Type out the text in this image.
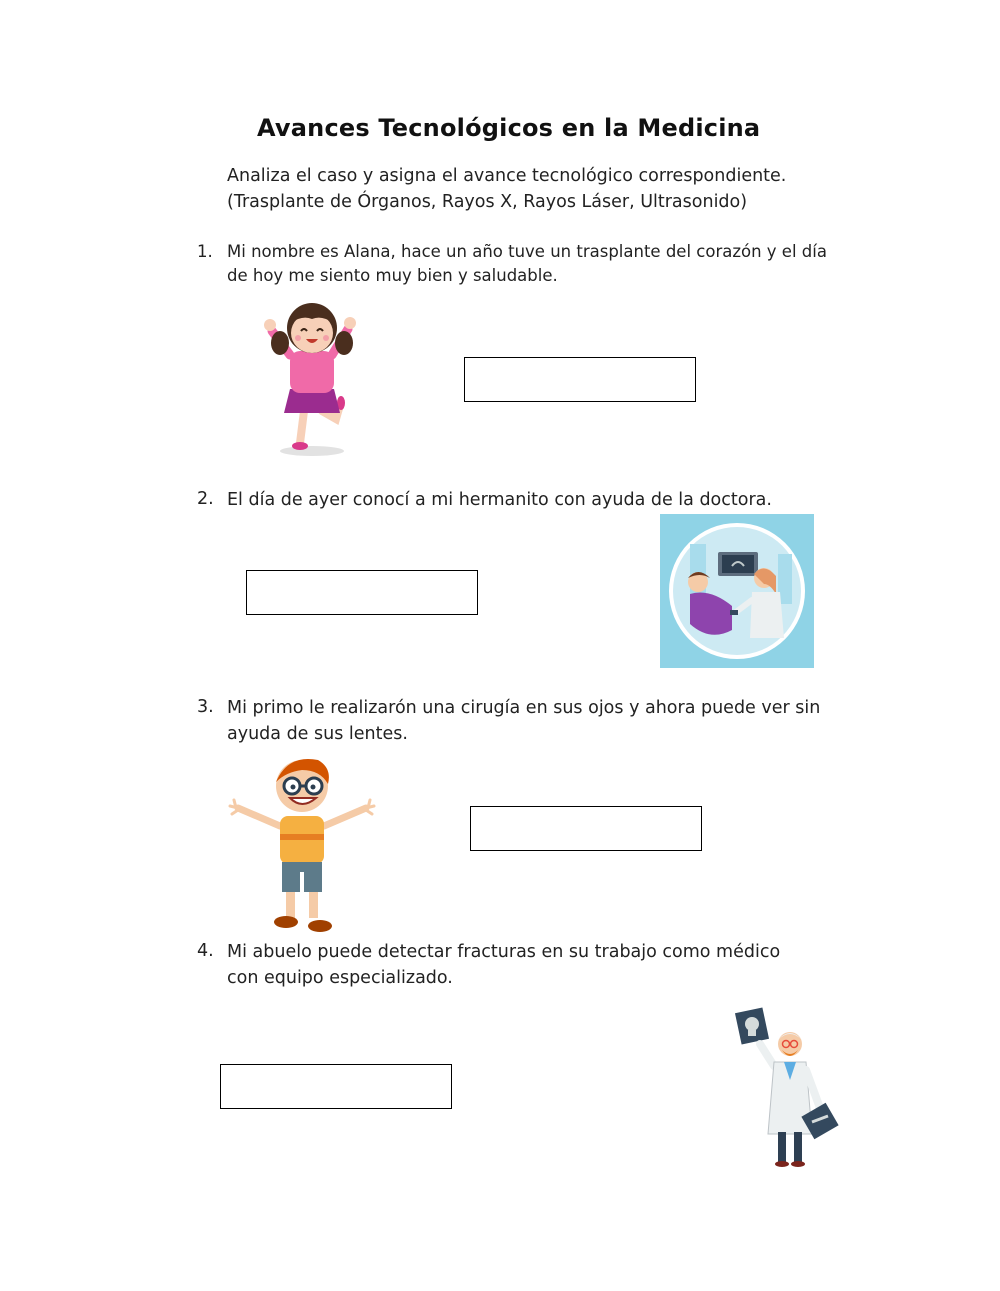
Avances Tecnológicos en la Medicina
Analiza el caso y asigna el avance tecnológico correspondiente.
(Trasplante de Órganos, Rayos X, Rayos Láser, Ultrasonido)
1. Mi nombre es Alana, hace un año tuve un trasplante del corazón y el día
de hoy me siento muy bien y saludable.
2. El día de ayer conocí a mi hermanito con ayuda de la doctora.
3. Mi primo le realizarón una cirugía en sus ojos y ahora puede ver sin
ayuda de sus lentes.
4. Mi abuelo puede detectar fracturas en su trabajo como médico
con equipo especializado.
